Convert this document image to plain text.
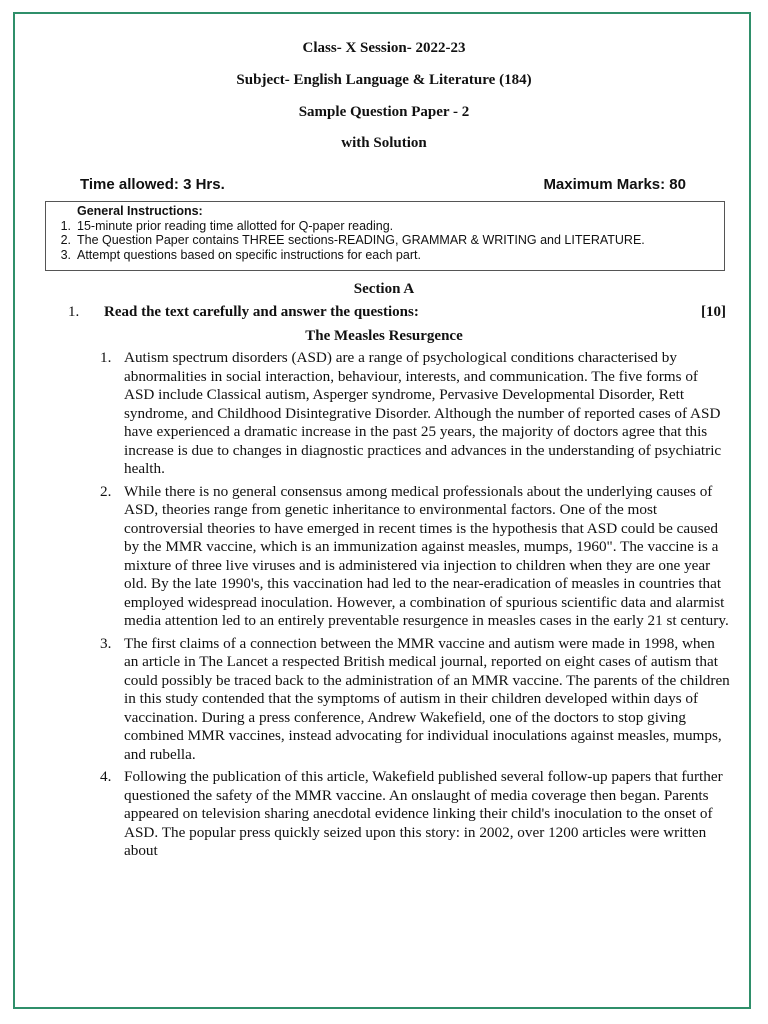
Class- X Session- 2022-23
Subject- English Language & Literature (184)
Sample Question Paper - 2
with Solution
Time allowed: 3 Hrs.	Maximum Marks: 80
General Instructions:
1. 15-minute prior reading time allotted for Q-paper reading.
2. The Question Paper contains THREE sections-READING, GRAMMAR & WRITING and LITERATURE.
3. Attempt questions based on specific instructions for each part.
Section A
1. Read the text carefully and answer the questions:	[10]
The Measles Resurgence
1. Autism spectrum disorders (ASD) are a range of psychological conditions characterised by abnormalities in social interaction, behaviour, interests, and communication. The five forms of ASD include Classical autism, Asperger syndrome, Pervasive Developmental Disorder, Rett syndrome, and Childhood Disintegrative Disorder. Although the number of reported cases of ASD have experienced a dramatic increase in the past 25 years, the majority of doctors agree that this increase is due to changes in diagnostic practices and advances in the understanding of psychiatric health.
2. While there is no general consensus among medical professionals about the underlying causes of ASD, theories range from genetic inheritance to environmental factors. One of the most controversial theories to have emerged in recent times is the hypothesis that ASD could be caused by the MMR vaccine, which is an immunization against measles, mumps, 1960". The vaccine is a mixture of three live viruses and is administered via injection to children when they are one year old. By the late 1990's, this vaccination had led to the near-eradication of measles in countries that employed widespread inoculation. However, a combination of spurious scientific data and alarmist media attention led to an entirely preventable resurgence in measles cases in the early 21 st century.
3. The first claims of a connection between the MMR vaccine and autism were made in 1998, when an article in The Lancet a respected British medical journal, reported on eight cases of autism that could possibly be traced back to the administration of an MMR vaccine. The parents of the children in this study contended that the symptoms of autism in their children developed within days of vaccination. During a press conference, Andrew Wakefield, one of the doctors to stop giving combined MMR vaccines, instead advocating for individual inoculations against measles, mumps, and rubella.
4. Following the publication of this article, Wakefield published several follow-up papers that further questioned the safety of the MMR vaccine. An onslaught of media coverage then began. Parents appeared on television sharing anecdotal evidence linking their child's inoculation to the onset of ASD. The popular press quickly seized upon this story: in 2002, over 1200 articles were written about
